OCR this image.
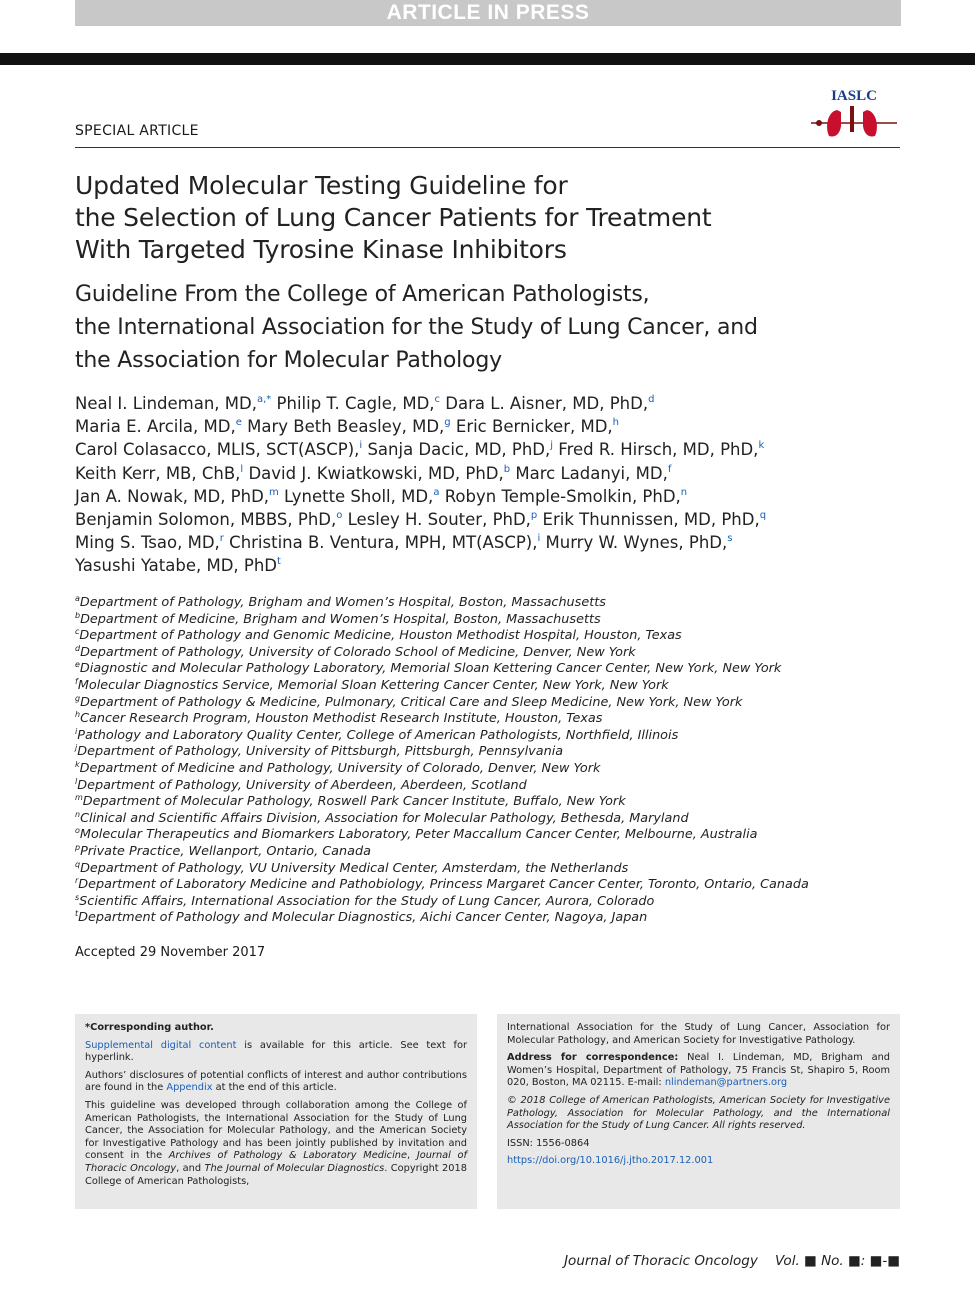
ARTICLE IN PRESS
SPECIAL ARTICLE
IASLC
Updated Molecular Testing Guideline for
the Selection of Lung Cancer Patients for Treatment
With Targeted Tyrosine Kinase Inhibitors
Guideline From the College of American Pathologists,
the International Association for the Study of Lung Cancer, and
the Association for Molecular Pathology
Neal I. Lindeman, MD,$^{a,*}$ Philip T. Cagle, MD,$^c$ Dara L. Aisner, MD, PhD,$^d$
Maria E. Arcila, MD,$^e$ Mary Beth Beasley, MD,$^g$ Eric Bernicker, MD,$^h$
Carol Colasacco, MLIS, SCT(ASCP),$^i$ Sanja Dacic, MD, PhD,$^j$ Fred R. Hirsch, MD, PhD,$^k$
Keith Kerr, MB, ChB,$^l$ David J. Kwiatkowski, MD, PhD,$^b$ Marc Ladanyi, MD,$^f$
Jan A. Nowak, MD, PhD,$^m$ Lynette Sholl, MD,$^a$ Robyn Temple-Smolkin, PhD,$^n$
Benjamin Solomon, MBBS, PhD,$^o$ Lesley H. Souter, PhD,$^p$ Erik Thunnissen, MD, PhD,$^q$
Ming S. Tsao, MD,$^r$ Christina B. Ventura, MPH, MT(ASCP),$^i$ Murry W. Wynes, PhD,$^s$
Yasushi Yatabe, MD, PhD$^t$
$^a$Department of Pathology, Brigham and Women’s Hospital, Boston, Massachusetts
$^b$Department of Medicine, Brigham and Women’s Hospital, Boston, Massachusetts
$^c$Department of Pathology and Genomic Medicine, Houston Methodist Hospital, Houston, Texas
$^d$Department of Pathology, University of Colorado School of Medicine, Denver, New York
$^e$Diagnostic and Molecular Pathology Laboratory, Memorial Sloan Kettering Cancer Center, New York, New York
$^f$Molecular Diagnostics Service, Memorial Sloan Kettering Cancer Center, New York, New York
$^g$Department of Pathology & Medicine, Pulmonary, Critical Care and Sleep Medicine, New York, New York
$^h$Cancer Research Program, Houston Methodist Research Institute, Houston, Texas
$^i$Pathology and Laboratory Quality Center, College of American Pathologists, Northfield, Illinois
$^j$Department of Pathology, University of Pittsburgh, Pittsburgh, Pennsylvania
$^k$Department of Medicine and Pathology, University of Colorado, Denver, New York
$^l$Department of Pathology, University of Aberdeen, Aberdeen, Scotland
$^m$Department of Molecular Pathology, Roswell Park Cancer Institute, Buffalo, New York
$^n$Clinical and Scientific Affairs Division, Association for Molecular Pathology, Bethesda, Maryland
$^o$Molecular Therapeutics and Biomarkers Laboratory, Peter Maccallum Cancer Center, Melbourne, Australia
$^p$Private Practice, Wellanport, Ontario, Canada
$^q$Department of Pathology, VU University Medical Center, Amsterdam, the Netherlands
$^r$Department of Laboratory Medicine and Pathobiology, Princess Margaret Cancer Center, Toronto, Ontario, Canada
$^s$Scientific Affairs, International Association for the Study of Lung Cancer, Aurora, Colorado
$^t$Department of Pathology and Molecular Diagnostics, Aichi Cancer Center, Nagoya, Japan
Accepted 29 November 2017

*Corresponding author.

Supplemental digital content is available for this article. See text for hyperlink.

Authors’ disclosures of potential conflicts of interest and author contributions are found in the Appendix at the end of this article.

This guideline was developed through collaboration among the College of American Pathologists, the International Association for the Study of Lung Cancer, the Association for Molecular Pathology, and the American Society for Investigative Pathology and has been jointly published by invitation and consent in the Archives of Pathology & Laboratory Medicine, Journal of Thoracic Oncology, and The Journal of Molecular Diagnostics. Copyright 2018 College of American Pathologists,

International Association for the Study of Lung Cancer, Association for Molecular Pathology, and American Society for Investigative Pathology.

Address for correspondence: Neal I. Lindeman, MD, Brigham and Women’s Hospital, Department of Pathology, 75 Francis St, Shapiro 5, Room 020, Boston, MA 02115. E-mail: nlindeman@partners.org

© 2018 College of American Pathologists, American Society for Investigative Pathology, Association for Molecular Pathology, and the International Association for the Study of Lung Cancer. All rights reserved.

ISSN: 1556-0864

https://doi.org/10.1016/j.jtho.2017.12.001

Journal of Thoracic Oncology Vol. ■ No. ■: ■-■
